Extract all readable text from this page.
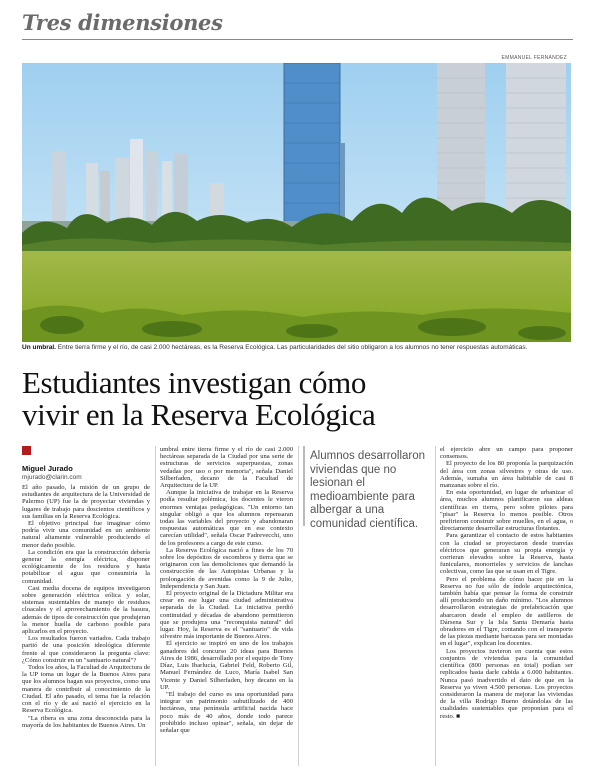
Tres dimensiones
EMMANUEL FERNÁNDEZ
Un umbral. Entre tierra firme y el río, de casi 2.000 hectáreas, es la Reserva Ecológica. Las particularidades del sitio obligaron a los alumnos no tener respuestas automáticas.
Estudiantes investigan cómo
vivir en la Reserva Ecológica
Miguel Jurado
mjurado@clarin.com

El año pasado, la misión de un grupo de estudiantes de arquitectura de la Universidad de Palermo (UP) fue la de proyectar viviendas y lugares de trabajo para doscientos científicos y sus familias en la Reserva Ecológica.

El objetivo principal fue imaginar cómo podría vivir una comunidad en un ambiente natural altamente vulnerable produciendo el menor daño posible.

La condición era que la construcción debería generar la energía eléctrica, disponer ecológicamente de los residuos y hasta potabilizar el agua que consumiría la comunidad.

Casi media docena de equipos investigaron sobre generación eléctrica eólica y solar, sistemas sustentables de manejo de residuos cloacales y el aprovechamiento de la basura, además de tipos de construcción que produjeran la menor huella de carbono posible para aplicarlos en el proyecto.

Los resultados fueron variados. Cada trabajo partió de una posición ideológica diferente frente al que consideraron la pregunta clave: ¿Cómo construir en un "santuario natural"?

Todos los años, la Facultad de Arquitectura de la UP toma un lugar de la Buenos Aires para que los alumnos hagan sus proyectos, como una manera de contribuir al conocimiento de la Ciudad. El año pasado, el tema fue la relación con el río y de así nació el ejercicio en la Reserva Ecológica.

"La ribera es una zona desconocida para la mayoría de los habitantes de Buenos Aires. Un

umbral entre tierra firme y el río de casi 2.000 hectáreas separada de la Ciudad por una serie de estructuras de servicios superpuestas, zonas vedadas por uso o por memoria", señala Daniel Silberfaden, decano de la Facultad de Arquitectura de la UP.

Aunque la iniciativa de trabajar en la Reserva podía resultar polémica, los docentes le vieron enormes ventajas pedagógicas. "Un entorno tan singular obligó a que los alumnos repensaran todas las variables del proyecto y abandonaran respuestas automáticas que en ese contexto carecían utilidad", señala Oscar Fadrevecchi, uno de los profesores a cargo de este curso.

La Reserva Ecológica nació a fines de los 70 sobre los depósitos de escombros y tierra que se originaron con las demoliciones que demandó la construcción de las Autopistas Urbanas y la prolongación de avenidas como la 9 de Julio, Independencia y San Juan.

El proyecto original de la Dictadura Militar era crear en ese lugar una ciudad administrativa separada de la Ciudad. La iniciativa perdió continuidad y décadas de abandono permitieron que se produjera una "reconquista natural" del lugar. Hoy, la Reserva es el "santuario" de vida silvestre más importante de Buenos Aires.

El ejercicio se inspiró en uno de los trabajos ganadores del concurso 20 ideas para Buenos Aires de 1986, desarrollado por el equipo de Tony Díaz, Luis Ibarlucía, Gabriel Feld, Roberto Gil, Manuel Fernández de Luco, María Isabel San Vicente y Daniel Silberfaden, hoy decano en la UP.

"El trabajo del curso es una oportunidad para integrar un patrimonio subutilizado de 400 hectáreas, una península artificial nacida hace poco más de 40 años, donde todo parece prohibido incluso opinar", señala, sin dejar de señalar que

Alumnos desarrollaron viviendas que no lesionan el medioambiente para albergar a una comunidad científica.

el ejercicio abre un campo para proponer consensos.

El proyecto de los 80 proponía la parquización del área con zonas silvestres y otras de uso. Además, sumaba un área habitable de casi 8 manzanas sobre el río.

En esta oportunidad, en lugar de urbanizar el área, muchos alumnos planificaron sus aldeas científicas en tierra, pero sobre pilotes para "pisar" la Reserva lo menos posible. Otros prefirieron construir sobre muelles, en el agua, o directamente desarrollar estructuras flotantes.

Para garantizar el contacto de estos habitantes con la ciudad se proyectaron desde tranvías eléctricos que generaran su propia energía y corrieran elevados sobre la Reserva, hasta funiculares, monorrieles y servicios de lanchas colectivas, como las que se usan en el Tigre.

Pero el problema de cómo hacer pie en la Reserva no fue sólo de índole arquitectónica, también había que pensar la forma de construir allí produciendo un daño mínimo. "Los alumnos desarrollaron estrategias de prefabricación que abarcaron desde el empleo de astilleros de Dársena Sur y la Isla Santa Demaría hasta obradores en el Tigre, contando con el transporte de las piezas mediante barcazas para ser montadas en el lugar", explican los docentes.

Los proyectos tuvieron en cuenta que estos conjuntos de viviendas para la comunidad científica (800 personas en total) podían ser replicados hasta darle cabida a 6.000 habitantes. Nunca pasó inadvertido el dato de que en la Reserva ya viven 4.500 personas. Los proyectos consideraron la manera de mejorar las viviendas de la villa Rodrigo Bueno dotándolas de las cualidades sustentables que proponían para el resto. ■
